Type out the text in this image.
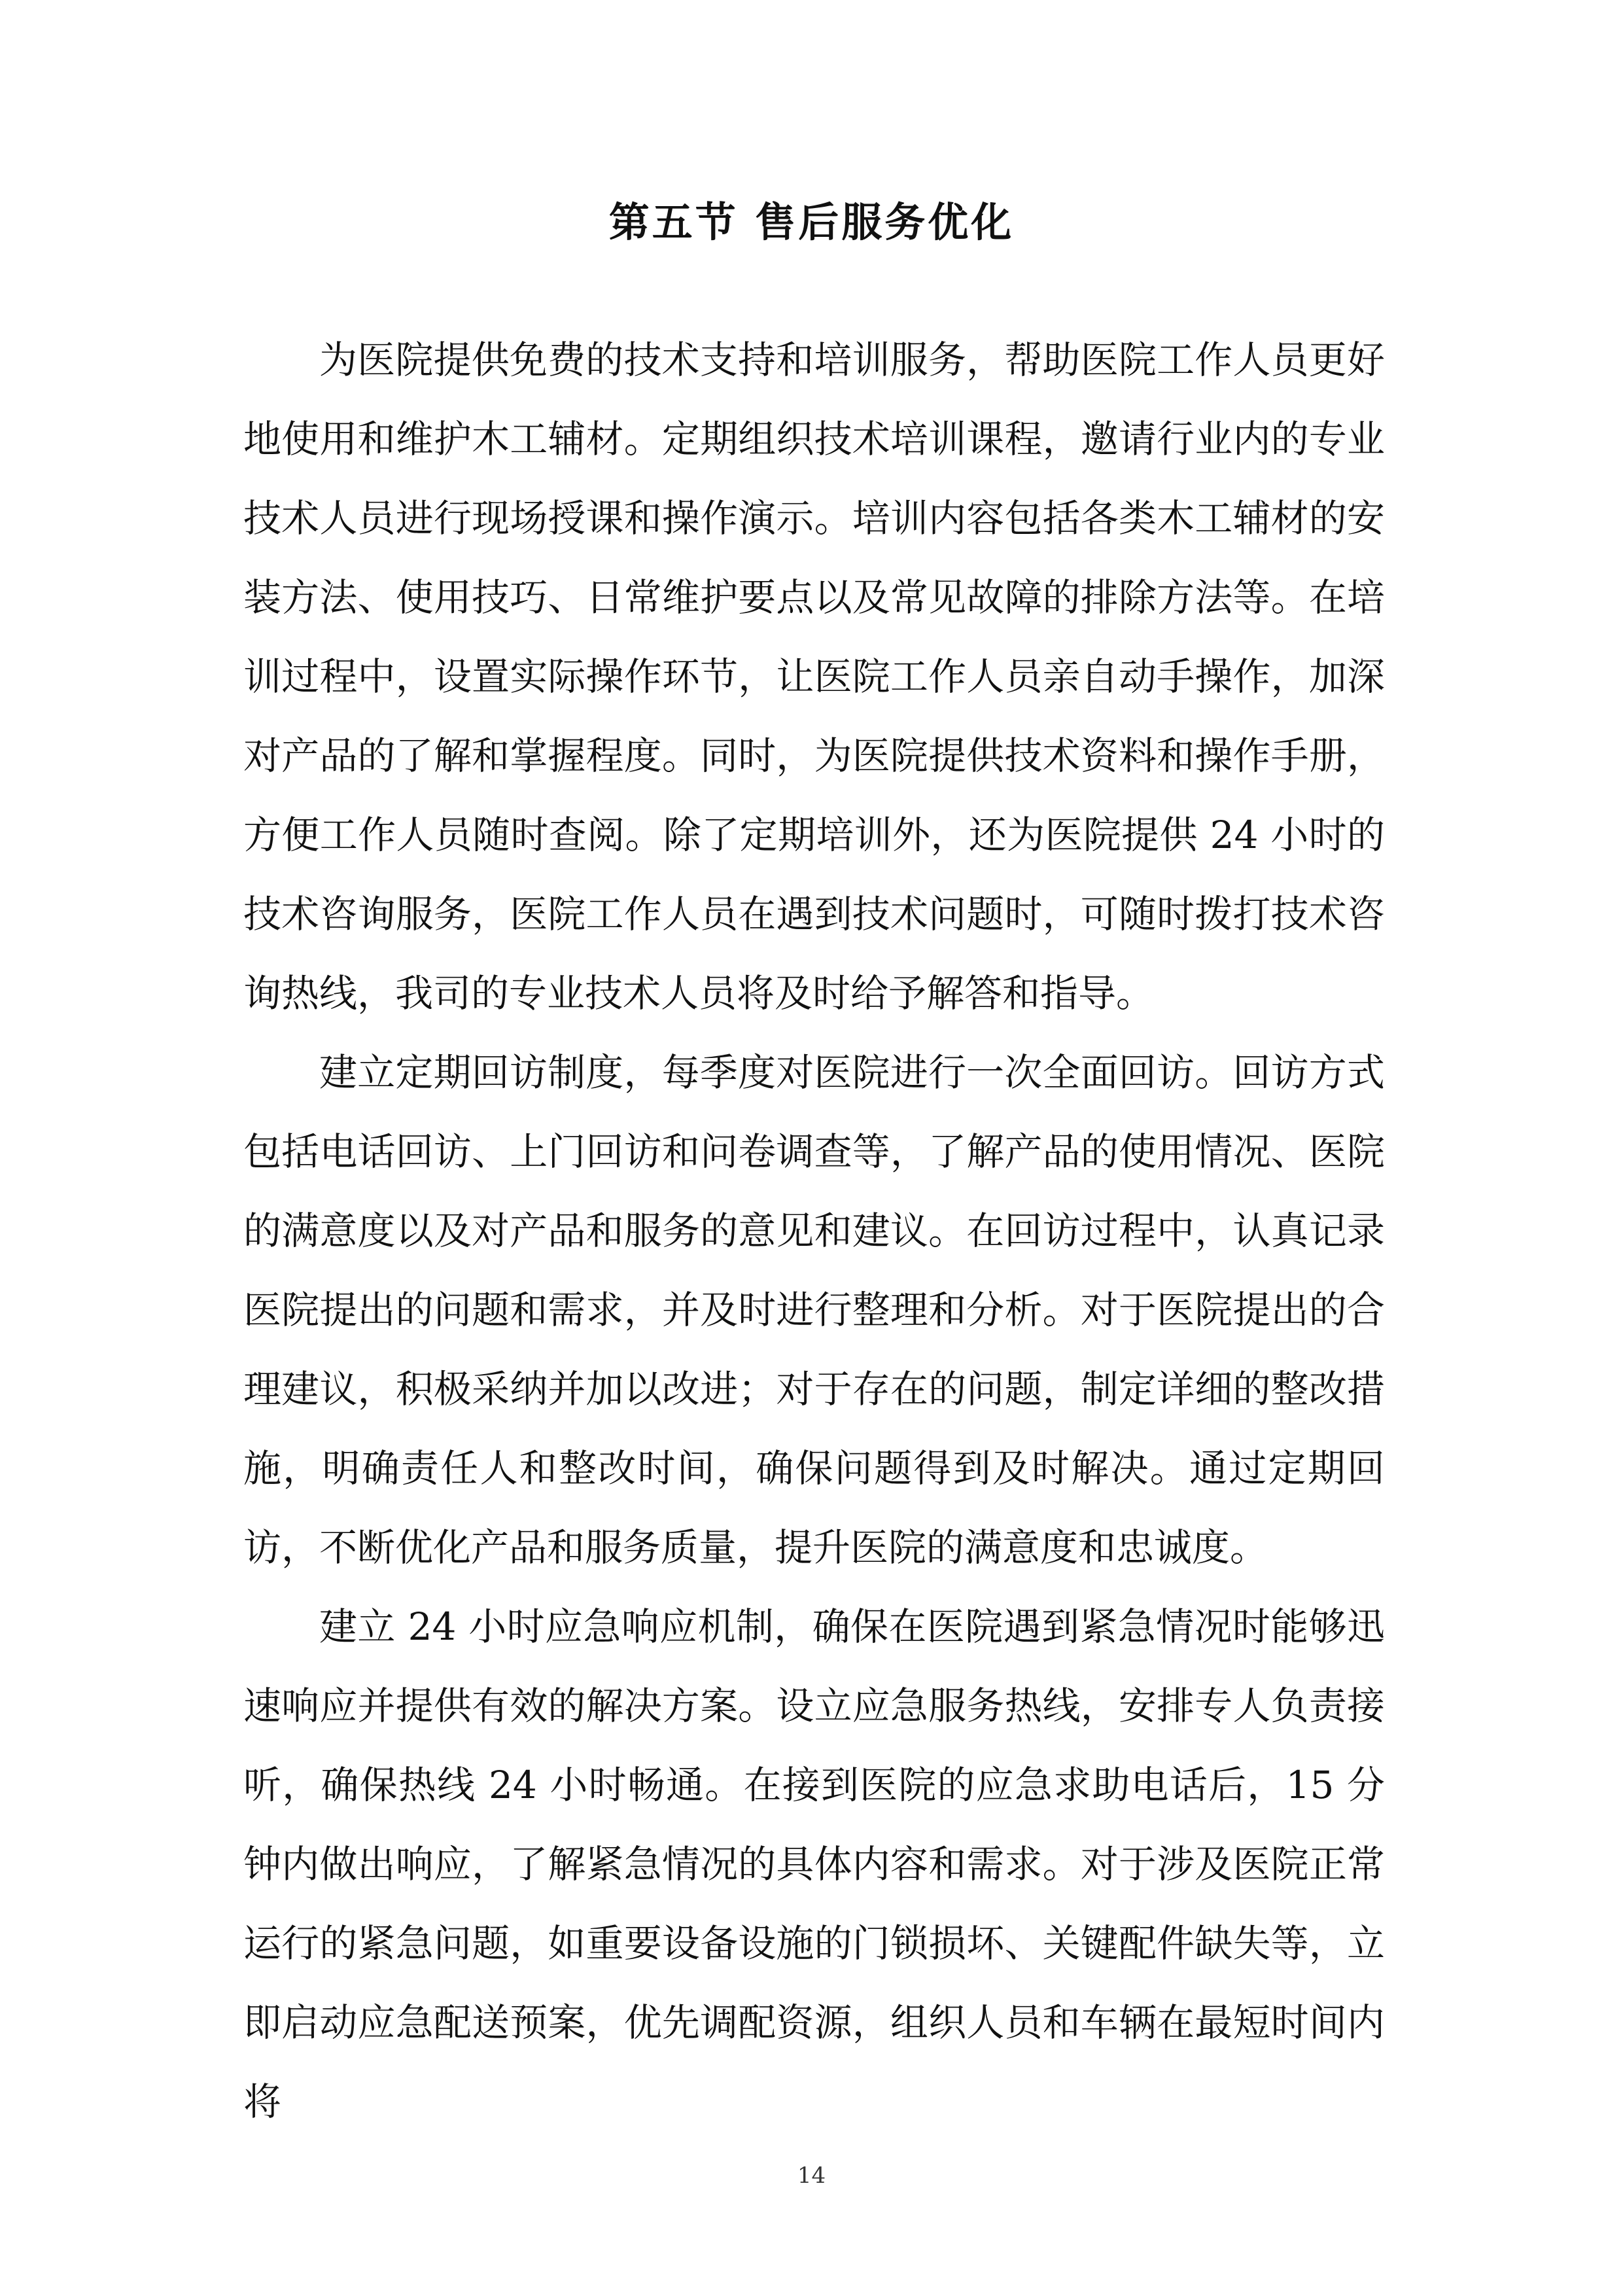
第五节 售后服务优化

为医院提供免费的技术支持和培训服务，帮助医院工作人员更好地使用和维护木工辅材。定期组织技术培训课程，邀请行业内的专业技术人员进行现场授课和操作演示。培训内容包括各类木工辅材的安装方法、使用技巧、日常维护要点以及常见故障的排除方法等。在培训过程中，设置实际操作环节，让医院工作人员亲自动手操作，加深对产品的了解和掌握程度。同时，为医院提供技术资料和操作手册，方便工作人员随时查阅。除了定期培训外，还为医院提供 24 小时的技术咨询服务，医院工作人员在遇到技术问题时，可随时拨打技术咨询热线，我司的专业技术人员将及时给予解答和指导。

建立定期回访制度，每季度对医院进行一次全面回访。回访方式包括电话回访、上门回访和问卷调查等，了解产品的使用情况、医院的满意度以及对产品和服务的意见和建议。在回访过程中，认真记录医院提出的问题和需求，并及时进行整理和分析。对于医院提出的合理建议，积极采纳并加以改进；对于存在的问题，制定详细的整改措施，明确责任人和整改时间，确保问题得到及时解决。通过定期回访，不断优化产品和服务质量，提升医院的满意度和忠诚度。

建立 24 小时应急响应机制，确保在医院遇到紧急情况时能够迅速响应并提供有效的解决方案。设立应急服务热线，安排专人负责接听，确保热线 24 小时畅通。在接到医院的应急求助电话后，15 分钟内做出响应，了解紧急情况的具体内容和需求。对于涉及医院正常运行的紧急问题，如重要设备设施的门锁损坏、关键配件缺失等，立即启动应急配送预案，优先调配资源，组织人员和车辆在最短时间内将

14
